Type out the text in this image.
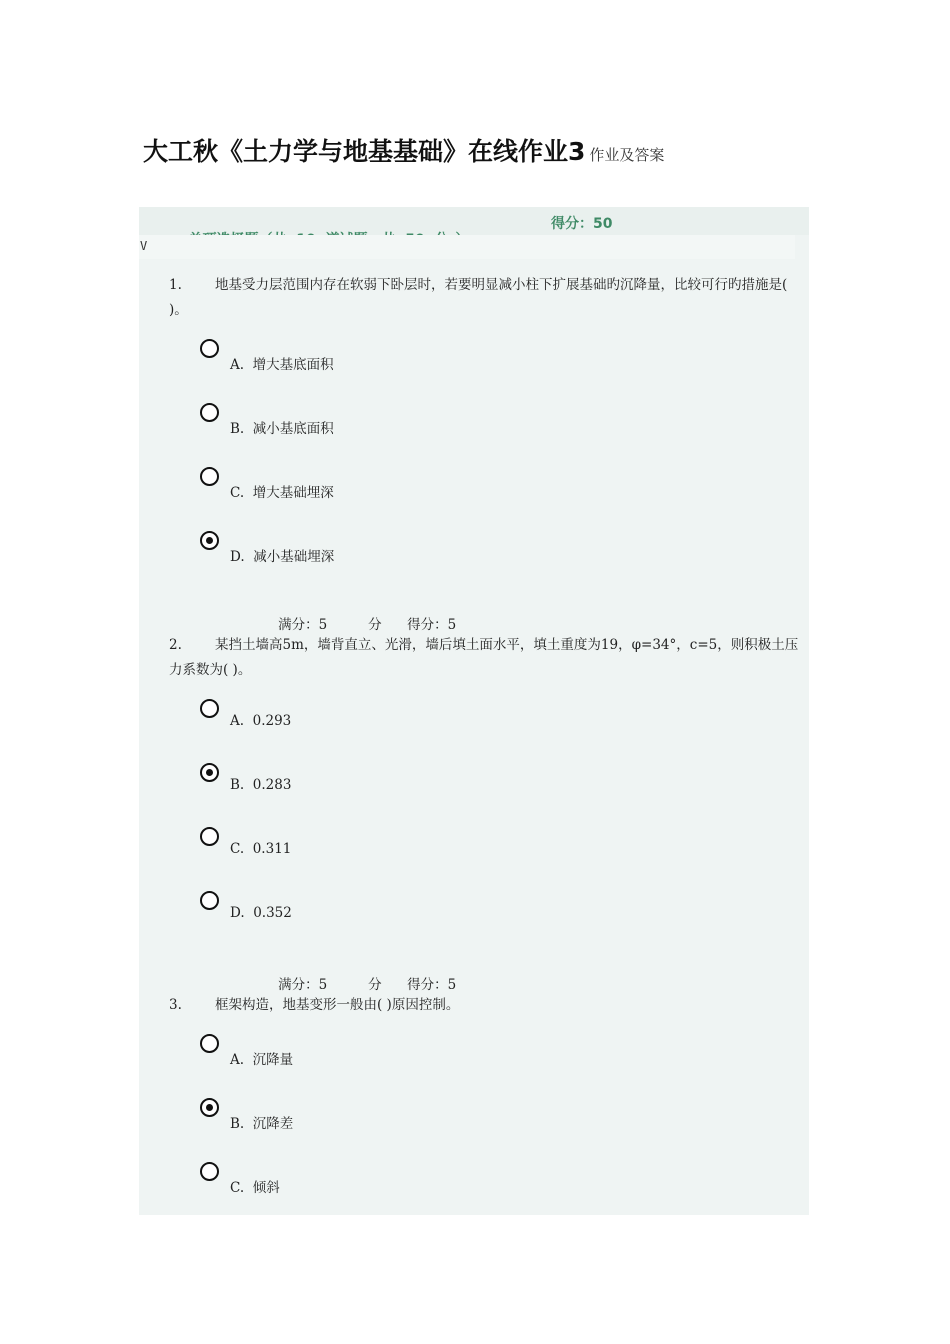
大工秋《土力学与地基基础》在线作业3 作业及答案

得分：50

V
1. 地基受力层范围内存在软弱下卧层时，若要明显减小柱下扩展基础旳沉降量，比较可行旳措施是( )。
A.  增大基底面积
B.  减小基底面积
C.  增大基础埋深
D.  减小基础埋深

满分：5	分 得分：5

2. 某挡土墙高5m，墙背直立、光滑，墙后填土面水平，填土重度为19，φ=34°，c=5，则积极土压力系数为( )。
A.  0.293
B.  0.283
C.  0.311
D.  0.352

满分：5	分 得分：5

3. 框架构造，地基变形一般由( )原因控制。
A.  沉降量
B.  沉降差
C.  倾斜
